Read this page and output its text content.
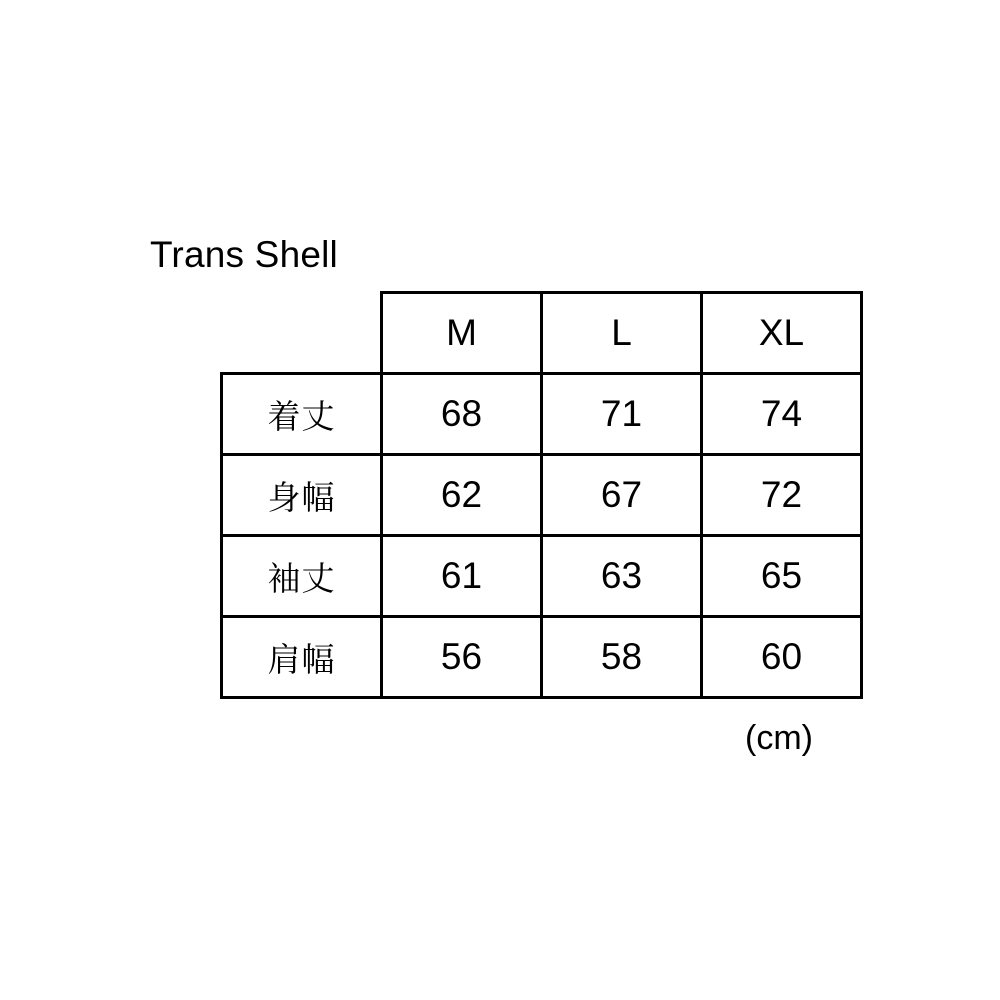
Trans Shell
	M	L	XL
着丈	68	71	74
身幅	62	67	72
袖丈	61	63	65
肩幅	56	58	60
(cm)
